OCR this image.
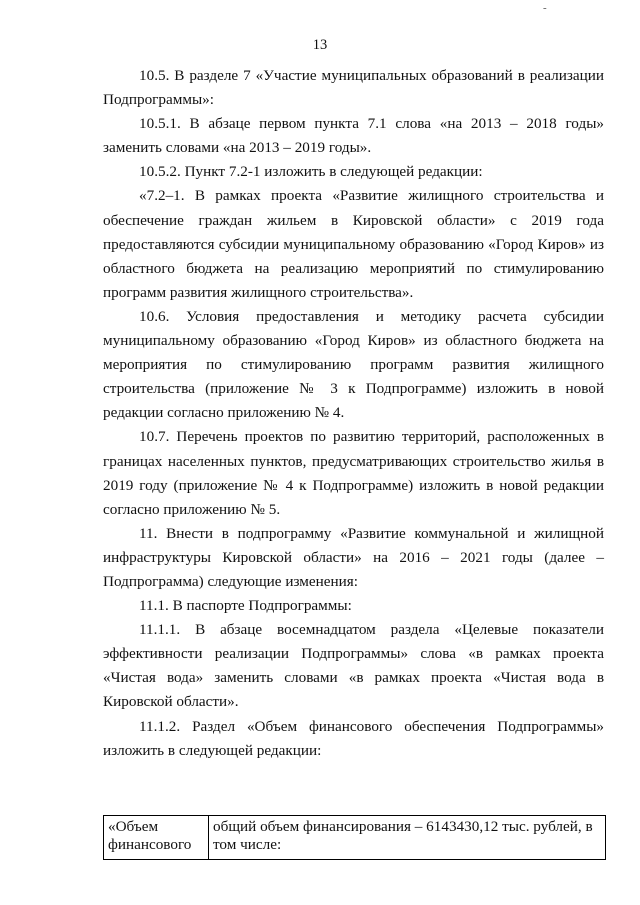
-
13

10.5. В разделе 7 «Участие муниципальных образований в реализации Подпрограммы»:

10.5.1. В абзаце первом пункта 7.1 слова «на 2013 – 2018 годы» заменить словами «на 2013 – 2019 годы».

10.5.2. Пункт 7.2-1 изложить в следующей редакции:

«7.2–1. В рамках проекта «Развитие жилищного строительства и обеспечение граждан жильем в Кировской области» с 2019 года предоставляются субсидии муниципальному образованию «Город Киров» из областного бюджета на реализацию мероприятий по стимулированию программ развития жилищного строительства».

10.6. Условия предоставления и методику расчета субсидии муниципальному образованию «Город Киров» из областного бюджета на мероприятия по стимулированию программ развития жилищного строительства (приложение № 3 к Подпрограмме) изложить в новой редакции согласно приложению № 4.

10.7. Перечень проектов по развитию территорий, расположенных в границах населенных пунктов, предусматривающих строительство жилья в 2019 году (приложение № 4 к Подпрограмме) изложить в новой редакции согласно приложению № 5.

11. Внести в подпрограмму «Развитие коммунальной и жилищной инфраструктуры Кировской области» на 2016 – 2021 годы (далее – Подпрограмма) следующие изменения:

11.1. В паспорте Подпрограммы:

11.1.1. В абзаце восемнадцатом раздела «Целевые показатели эффективности реализации Подпрограммы» слова «в рамках проекта «Чистая вода» заменить словами «в рамках проекта «Чистая вода в Кировской области».

11.1.2. Раздел «Объем финансового обеспечения Подпрограммы» изложить в следующей редакции:

«Объем финансового	общий объем финансирования – 6143430,12 тыс. рублей, в том числе:
